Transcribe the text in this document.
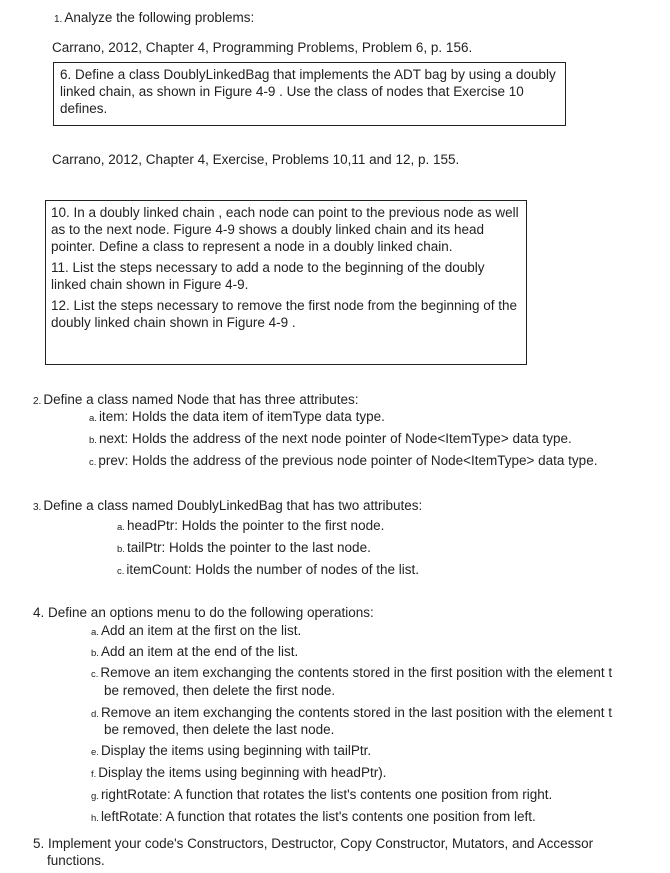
1. Analyze the following problems:
Carrano, 2012, Chapter 4, Programming Problems, Problem 6, p. 156.

6. Define a class DoublyLinkedBag that implements the ADT bag by using a doubly linked chain, as shown in Figure 4-9 . Use the class of nodes that Exercise 10 defines.

Carrano, 2012, Chapter 4, Exercise, Problems 10,11 and 12, p. 155.

10. In a doubly linked chain , each node can point to the previous node as well as to the next node. Figure 4-9 shows a doubly linked chain and its head pointer. Define a class to represent a node in a doubly linked chain.

11. List the steps necessary to add a node to the beginning of the doubly linked chain shown in Figure 4-9.

12. List the steps necessary to remove the first node from the beginning of the doubly linked chain shown in Figure 4-9 .

2. Define a class named Node that has three attributes:
a. item: Holds the data item of itemType data type.
b. next: Holds the address of the next node pointer of Node<ItemType> data type.
c. prev: Holds the address of the previous node pointer of Node<ItemType> data type.
3. Define a class named DoublyLinkedBag that has two attributes:
a. headPtr: Holds the pointer to the first node.
b. tailPtr: Holds the pointer to the last node.
c. itemCount: Holds the number of nodes of the list.
4. Define an options menu to do the following operations:
a. Add an item at the first on the list.
b. Add an item at the end of the list.
c. Remove an item exchanging the contents stored in the first position with the element t
be removed, then delete the first node.
d. Remove an item exchanging the contents stored in the last position with the element t
be removed, then delete the last node.
e. Display the items using beginning with tailPtr.
f. Display the items using beginning with headPtr).
g. rightRotate: A function that rotates the list's contents one position from right.
h. leftRotate: A function that rotates the list's contents one position from left.
5. Implement your code's Constructors, Destructor, Copy Constructor, Mutators, and Accessor
functions.
